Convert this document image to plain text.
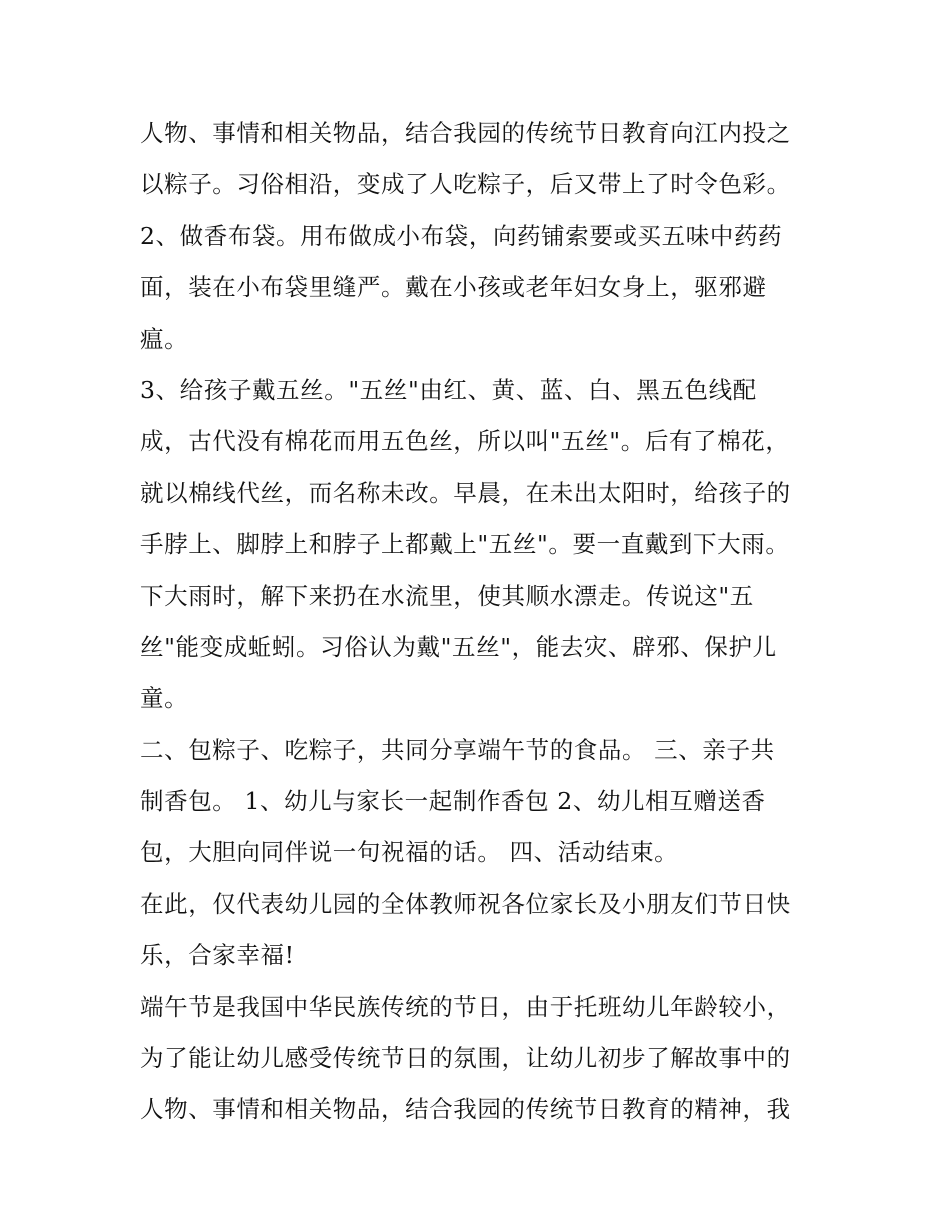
人物、事情和相关物品，结合我园的传统节日教育向江内投之
以粽子。习俗相沿，变成了人吃粽子，后又带上了时令色彩。
2、做香布袋。用布做成小布袋，向药铺索要或买五味中药药
面，装在小布袋里缝严。戴在小孩或老年妇女身上，驱邪避
瘟。
3、给孩子戴五丝。"五丝"由红、黄、蓝、白、黑五色线配
成，古代没有棉花而用五色丝，所以叫"五丝"。后有了棉花，
就以棉线代丝，而名称未改。早晨，在未出太阳时，给孩子的
手脖上、脚脖上和脖子上都戴上"五丝"。要一直戴到下大雨。
下大雨时，解下来扔在水流里，使其顺水漂走。传说这"五
丝"能变成蚯蚓。习俗认为戴"五丝"，能去灾、辟邪、保护儿
童。
二、包粽子、吃粽子，共同分享端午节的食品。 三、亲子共
制香包。 1、幼儿与家长一起制作香包 2、幼儿相互赠送香
包，大胆向同伴说一句祝福的话。 四、活动结束。
在此，仅代表幼儿园的全体教师祝各位家长及小朋友们节日快
乐，合家幸福!
端午节是我国中华民族传统的节日，由于托班幼儿年龄较小，
为了能让幼儿感受传统节日的氛围，让幼儿初步了解故事中的
人物、事情和相关物品，结合我园的传统节日教育的精神，我
